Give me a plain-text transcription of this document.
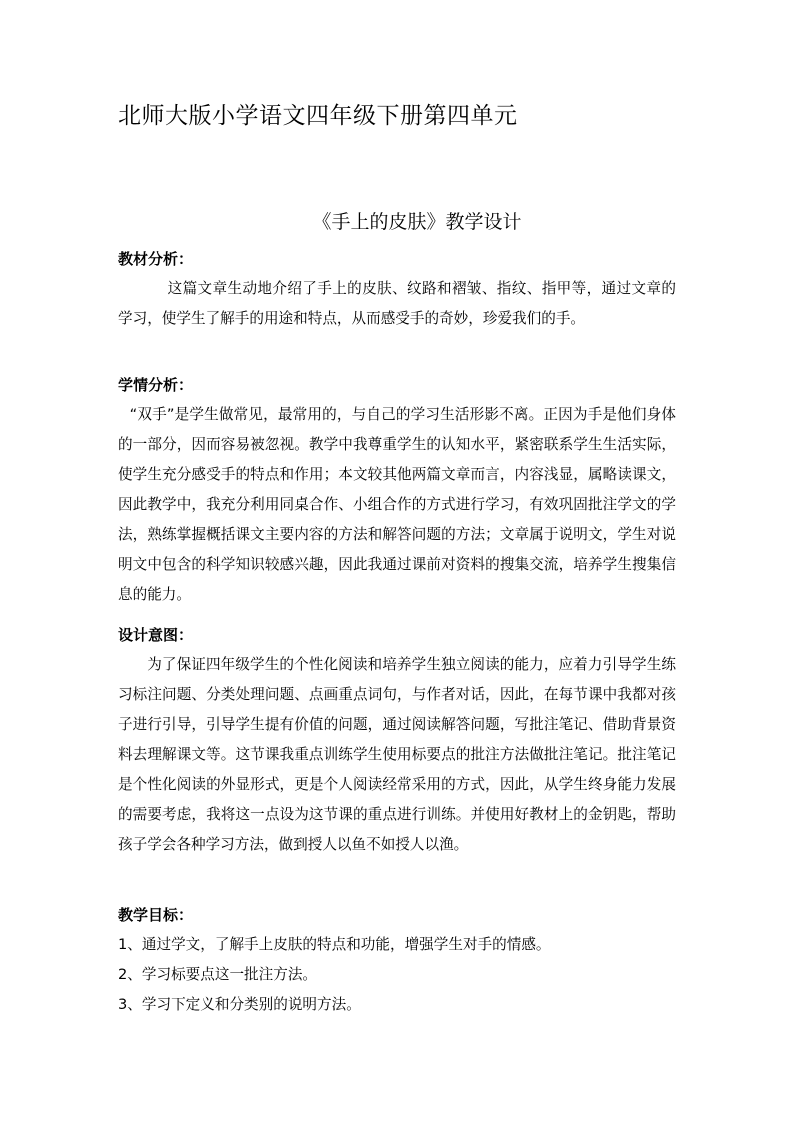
北师大版小学语文四年级下册第四单元
《手上的皮肤》教学设计
教材分析：
这篇文章生动地介绍了手上的皮肤、纹路和褶皱、指纹、指甲等，通过文章的学习，使学生了解手的用途和特点，从而感受手的奇妙，珍爱我们的手。
学情分析：
“双手”是学生做常见，最常用的，与自己的学习生活形影不离。正因为手是他们身体的一部分，因而容易被忽视。教学中我尊重学生的认知水平，紧密联系学生生活实际，使学生充分感受手的特点和作用；本文较其他两篇文章而言，内容浅显，属略读课文，因此教学中，我充分利用同桌合作、小组合作的方式进行学习，有效巩固批注学文的学法，熟练掌握概括课文主要内容的方法和解答问题的方法；文章属于说明文，学生对说明文中包含的科学知识较感兴趣，因此我通过课前对资料的搜集交流，培养学生搜集信息的能力。
设计意图：
为了保证四年级学生的个性化阅读和培养学生独立阅读的能力，应着力引导学生练习标注问题、分类处理问题、点画重点词句，与作者对话，因此，在每节课中我都对孩子进行引导，引导学生提有价值的问题，通过阅读解答问题，写批注笔记、借助背景资料去理解课文等。这节课我重点训练学生使用标要点的批注方法做批注笔记。批注笔记是个性化阅读的外显形式，更是个人阅读经常采用的方式，因此，从学生终身能力发展的需要考虑，我将这一点设为这节课的重点进行训练。并使用好教材上的金钥匙，帮助孩子学会各种学习方法，做到授人以鱼不如授人以渔。
教学目标：
1、通过学文，了解手上皮肤的特点和功能，增强学生对手的情感。
2、学习标要点这一批注方法。
3、学习下定义和分类别的说明方法。
